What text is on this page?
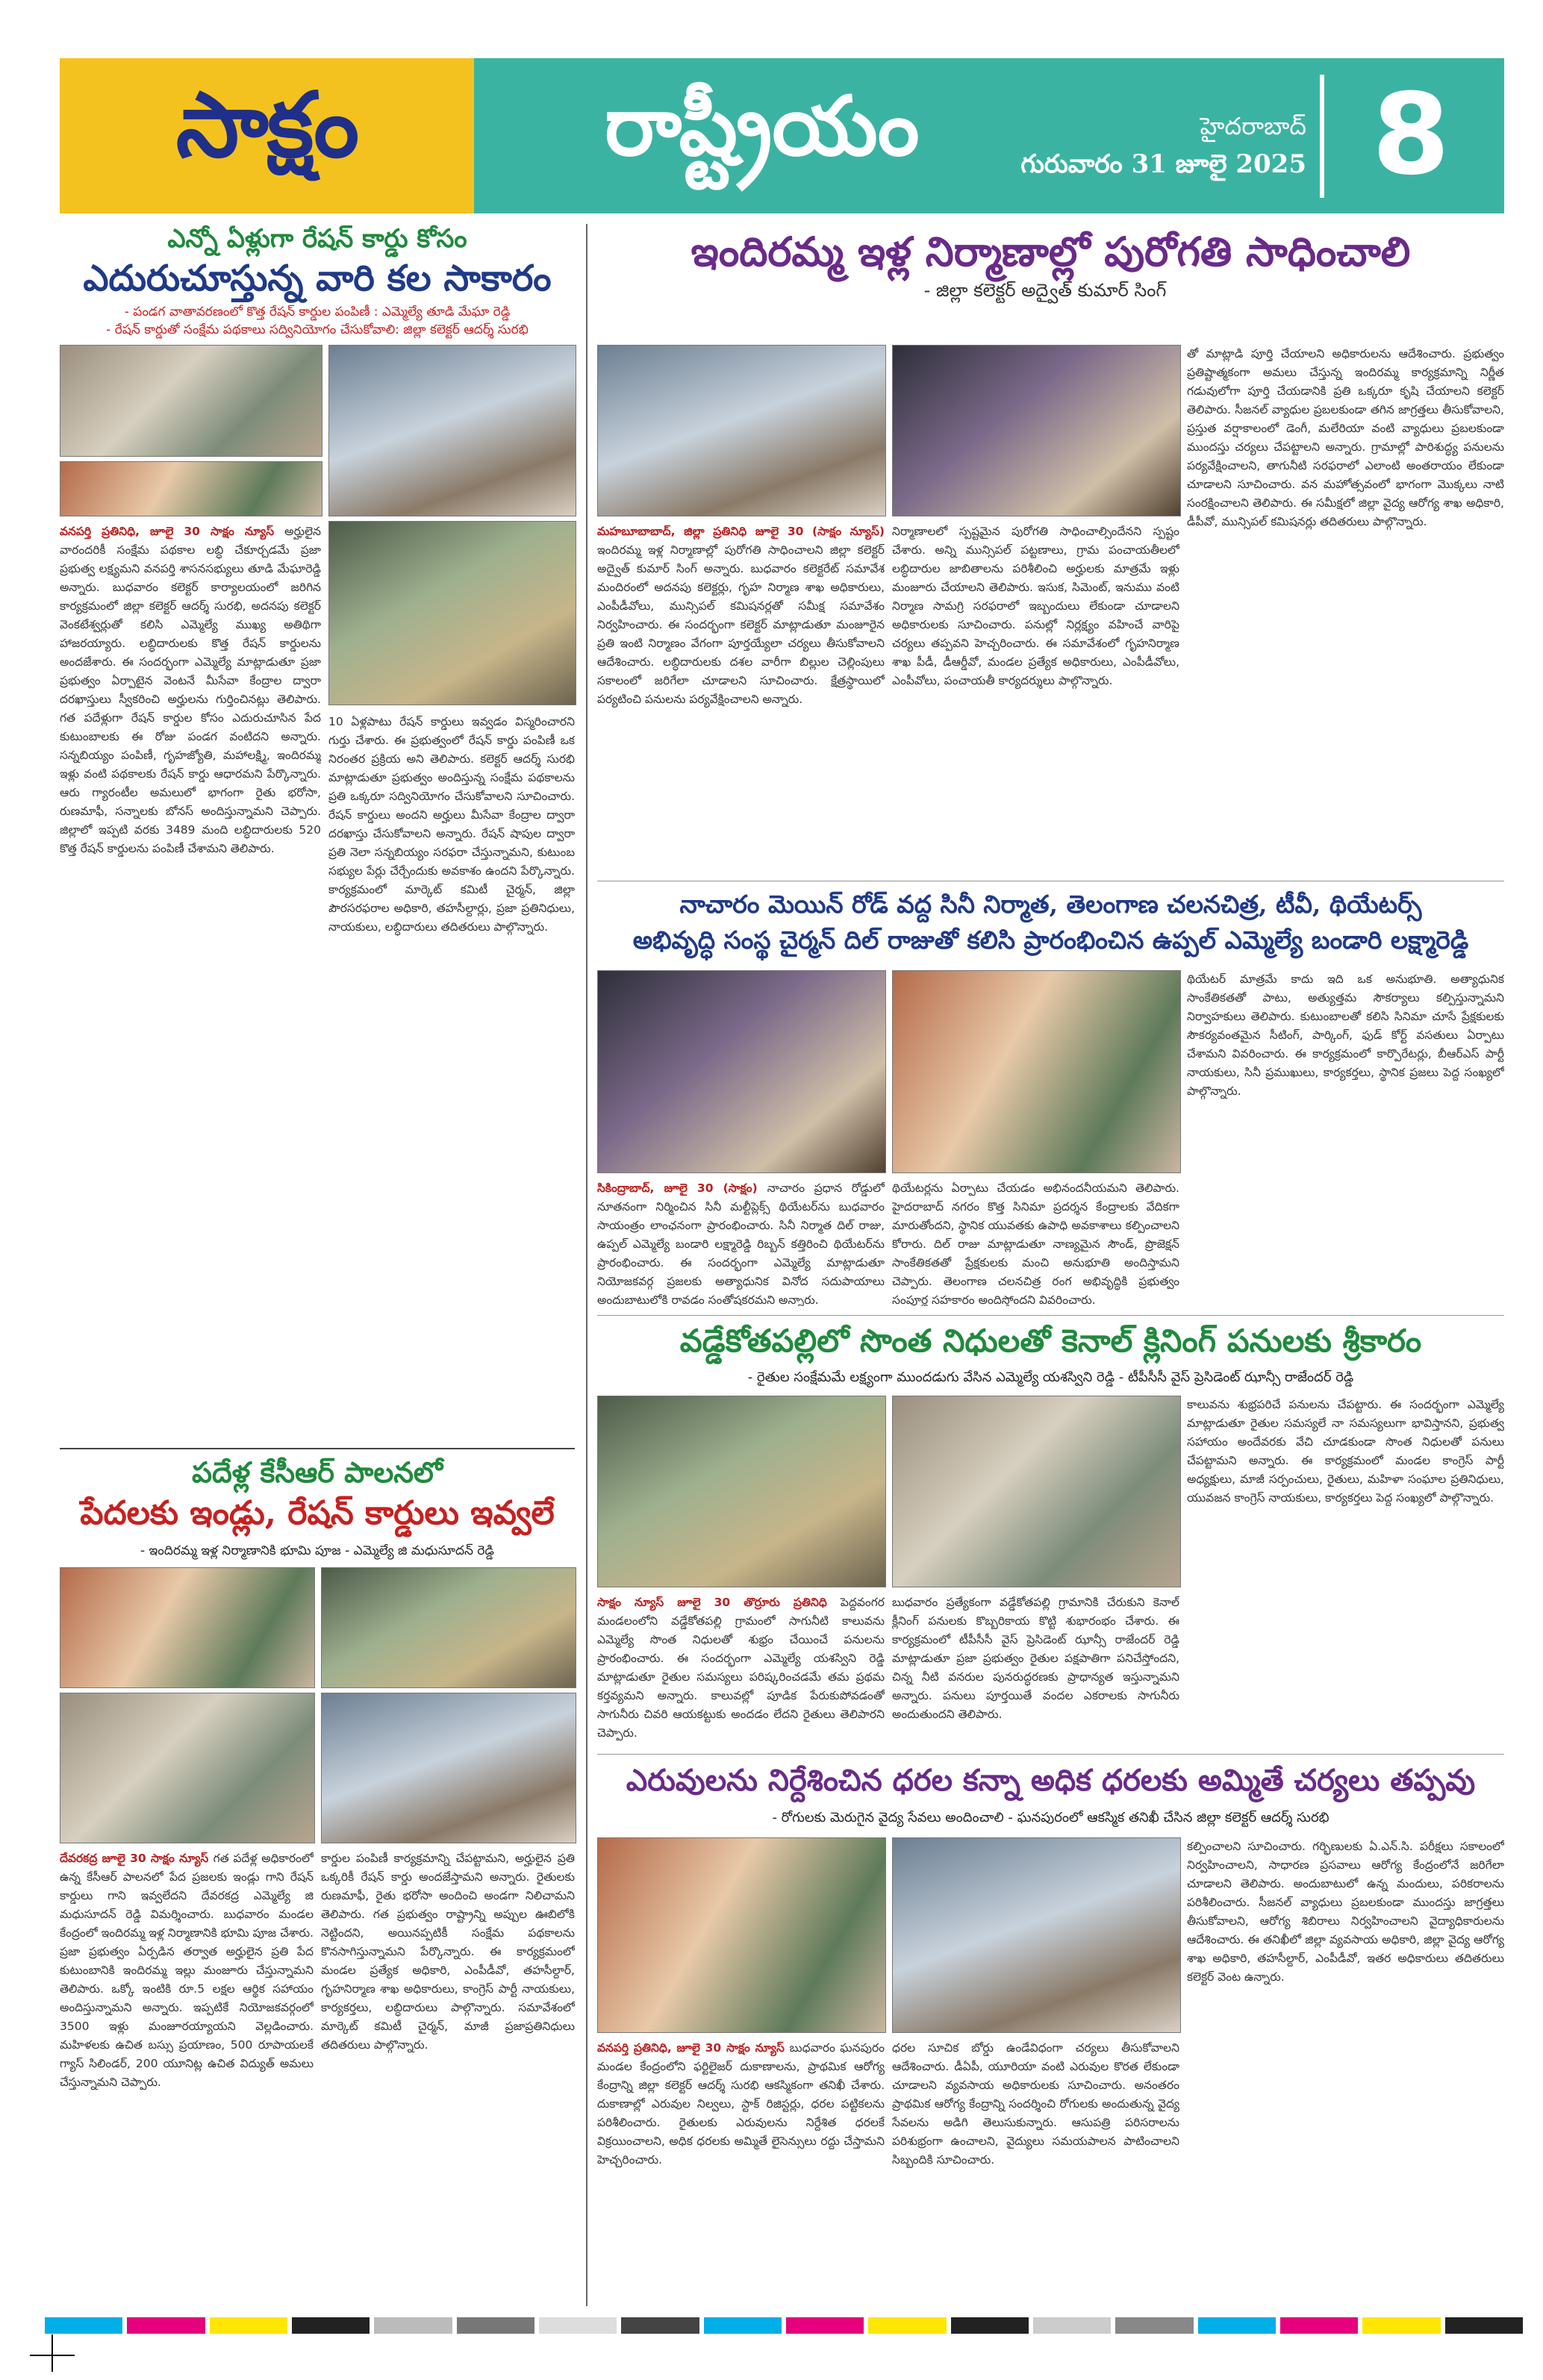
సాక్షం	రాష్ట్రీయం	హైదరాబాద్
గురువారం 31 జూలై 2025 8
ఎన్నో ఏళ్లుగా రేషన్ కార్డు కోసం
ఎదురుచూస్తున్న వారి కల సాకారం
- పండగ వాతావరణంలో కొత్త రేషన్ కార్డుల పంపిణీ : ఎమ్మెల్యే తూడి మేఘా రెడ్డి
- రేషన్ కార్డుతో సంక్షేమ పథకాలు సద్వినియోగం చేసుకోవాలి: జిల్లా కలెక్టర్ ఆదర్శ్ సురభి
వనపర్తి ప్రతినిధి, జూలై 30 సాక్షం న్యూస్ అర్హులైన వారందరికీ సంక్షేమ పథకాల లబ్ధి చేకూర్చడమే ప్రజా ప్రభుత్వ లక్ష్యమని వనపర్తి శాసనసభ్యులు తూడి మేఘారెడ్డి అన్నారు. బుధవారం కలెక్టర్ కార్యాలయంలో జరిగిన కార్యక్రమంలో జిల్లా కలెక్టర్ ఆదర్శ్ సురభి, అదనపు కలెక్టర్ వెంకటేశ్వర్లుతో కలిసి ఎమ్మెల్యే ముఖ్య అతిథిగా హాజరయ్యారు. లబ్ధిదారులకు కొత్త రేషన్ కార్డులను అందజేశారు. ఈ సందర్భంగా ఎమ్మెల్యే మాట్లాడుతూ ప్రజా ప్రభుత్వం ఏర్పాటైన వెంటనే మీసేవా కేంద్రాల ద్వారా దరఖాస్తులు స్వీకరించి అర్హులను గుర్తించినట్లు తెలిపారు. గత పదేళ్లుగా రేషన్ కార్డుల కోసం ఎదురుచూసిన పేద కుటుంబాలకు ఈ రోజు పండగ వంటిదని అన్నారు. సన్నబియ్యం పంపిణీ, గృహజ్యోతి, మహాలక్ష్మి, ఇందిరమ్మ ఇళ్లు వంటి పథకాలకు రేషన్ కార్డు ఆధారమని పేర్కొన్నారు. ఆరు గ్యారంటీల అమలులో భాగంగా రైతు భరోసా, రుణమాఫీ, సన్నాలకు బోనస్ అందిస్తున్నామని చెప్పారు. జిల్లాలో ఇప్పటి వరకు 3489 మంది లబ్ధిదారులకు 520 కొత్త రేషన్ కార్డులను పంపిణీ చేశామని తెలిపారు.
10 ఏళ్లపాటు రేషన్ కార్డులు ఇవ్వడం విస్మరించారని గుర్తు చేశారు. ఈ ప్రభుత్వంలో రేషన్ కార్డు పంపిణీ ఒక నిరంతర ప్రక్రియ అని తెలిపారు. కలెక్టర్ ఆదర్శ్ సురభి మాట్లాడుతూ ప్రభుత్వం అందిస్తున్న సంక్షేమ పథకాలను ప్రతి ఒక్కరూ సద్వినియోగం చేసుకోవాలని సూచించారు. రేషన్ కార్డులు అందని అర్హులు మీసేవా కేంద్రాల ద్వారా దరఖాస్తు చేసుకోవాలని అన్నారు. రేషన్ షాపుల ద్వారా ప్రతి నెలా సన్నబియ్యం సరఫరా చేస్తున్నామని, కుటుంబ సభ్యుల పేర్లు చేర్చేందుకు అవకాశం ఉందని పేర్కొన్నారు. కార్యక్రమంలో మార్కెట్ కమిటీ చైర్మన్, జిల్లా పౌరసరఫరాల అధికారి, తహసీల్దార్లు, ప్రజా ప్రతినిధులు, నాయకులు, లబ్ధిదారులు తదితరులు పాల్గొన్నారు.
పదేళ్ల కేసీఆర్ పాలనలో
పేదలకు ఇండ్లు, రేషన్ కార్డులు ఇవ్వలే
- ఇందిరమ్మ ఇళ్ల నిర్మాణానికి భూమి పూజ - ఎమ్మెల్యే జి మధుసూదన్ రెడ్డి
దేవరకద్ర జూలై 30 సాక్షం న్యూస్ గత పదేళ్ల అధికారంలో ఉన్న కేసీఆర్ పాలనలో పేద ప్రజలకు ఇండ్లు గాని రేషన్ కార్డులు గాని ఇవ్వలేదని దేవరకద్ర ఎమ్మెల్యే జి మధుసూదన్ రెడ్డి విమర్శించారు. బుధవారం మండల కేంద్రంలో ఇందిరమ్మ ఇళ్ల నిర్మాణానికి భూమి పూజ చేశారు. ప్రజా ప్రభుత్వం ఏర్పడిన తర్వాత అర్హులైన ప్రతి పేద కుటుంబానికి ఇందిరమ్మ ఇల్లు మంజూరు చేస్తున్నామని తెలిపారు. ఒక్కో ఇంటికి రూ.5 లక్షల ఆర్థిక సహాయం అందిస్తున్నామని అన్నారు. ఇప్పటికే నియోజకవర్గంలో 3500 ఇళ్లు మంజూరయ్యాయని వెల్లడించారు. మహిళలకు ఉచిత బస్సు ప్రయాణం, 500 రూపాయలకే గ్యాస్ సిలిండర్, 200 యూనిట్ల ఉచిత విద్యుత్ అమలు చేస్తున్నామని చెప్పారు.
కార్డుల పంపిణీ కార్యక్రమాన్ని చేపట్టామని, అర్హులైన ప్రతి ఒక్కరికీ రేషన్ కార్డు అందజేస్తామని అన్నారు. రైతులకు రుణమాఫీ, రైతు భరోసా అందించి అండగా నిలిచామని తెలిపారు. గత ప్రభుత్వం రాష్ట్రాన్ని అప్పుల ఊబిలోకి నెట్టిందని, అయినప్పటికీ సంక్షేమ పథకాలను కొనసాగిస్తున్నామని పేర్కొన్నారు. ఈ కార్యక్రమంలో మండల ప్రత్యేక అధికారి, ఎంపీడీవో, తహసీల్దార్, గృహనిర్మాణ శాఖ అధికారులు, కాంగ్రెస్ పార్టీ నాయకులు, కార్యకర్తలు, లబ్ధిదారులు పాల్గొన్నారు. సమావేశంలో మార్కెట్ కమిటీ చైర్మన్, మాజీ ప్రజాప్రతినిధులు తదితరులు పాల్గొన్నారు.
ఇందిరమ్మ ఇళ్ల నిర్మాణాల్లో పురోగతి సాధించాలి
- జిల్లా కలెక్టర్ అద్వైత్ కుమార్ సింగ్
మహబూబాబాద్, జిల్లా ప్రతినిధి జూలై 30 (సాక్షం న్యూస్) ఇందిరమ్మ ఇళ్ల నిర్మాణాల్లో పురోగతి సాధించాలని జిల్లా కలెక్టర్ అద్వైత్ కుమార్ సింగ్ అన్నారు. బుధవారం కలెక్టరేట్ సమావేశ మందిరంలో అదనపు కలెక్టర్లు, గృహ నిర్మాణ శాఖ అధికారులు, ఎంపీడీవోలు, మున్సిపల్ కమిషనర్లతో సమీక్ష సమావేశం నిర్వహించారు. ఈ సందర్భంగా కలెక్టర్ మాట్లాడుతూ మంజూరైన ప్రతి ఇంటి నిర్మాణం వేగంగా పూర్తయ్యేలా చర్యలు తీసుకోవాలని ఆదేశించారు. లబ్ధిదారులకు దశల వారీగా బిల్లుల చెల్లింపులు సకాలంలో జరిగేలా చూడాలని సూచించారు. క్షేత్రస్థాయిలో పర్యటించి పనులను పర్యవేక్షించాలని అన్నారు.
నిర్మాణాలలో స్పష్టమైన పురోగతి సాధించాల్సిందేనని స్పష్టం చేశారు. అన్ని మున్సిపల్ పట్టణాలు, గ్రామ పంచాయతీలలో లబ్ధిదారుల జాబితాలను పరిశీలించి అర్హులకు మాత్రమే ఇళ్లు మంజూరు చేయాలని తెలిపారు. ఇసుక, సిమెంట్, ఇనుము వంటి నిర్మాణ సామగ్రి సరఫరాలో ఇబ్బందులు లేకుండా చూడాలని అధికారులకు సూచించారు. పనుల్లో నిర్లక్ష్యం వహించే వారిపై చర్యలు తప్పవని హెచ్చరించారు. ఈ సమావేశంలో గృహనిర్మాణ శాఖ పీడీ, డీఆర్డీవో, మండల ప్రత్యేక అధికారులు, ఎంపీడీవోలు, ఎంపీవోలు, పంచాయతీ కార్యదర్శులు పాల్గొన్నారు.
తో మాట్లాడి పూర్తి చేయాలని అధికారులను ఆదేశించారు. ప్రభుత్వం ప్రతిష్టాత్మకంగా అమలు చేస్తున్న ఇందిరమ్మ కార్యక్రమాన్ని నిర్ణీత గడువులోగా పూర్తి చేయడానికి ప్రతి ఒక్కరూ కృషి చేయాలని కలెక్టర్ తెలిపారు. సీజనల్ వ్యాధుల ప్రబలకుండా తగిన జాగ్రత్తలు తీసుకోవాలని, ప్రస్తుత వర్షాకాలంలో డెంగీ, మలేరియా వంటి వ్యాధులు ప్రబలకుండా ముందస్తు చర్యలు చేపట్టాలని అన్నారు. గ్రామాల్లో పారిశుద్ధ్య పనులను పర్యవేక్షించాలని, తాగునీటి సరఫరాలో ఎలాంటి అంతరాయం లేకుండా చూడాలని సూచించారు. వన మహోత్సవంలో భాగంగా మొక్కలు నాటి సంరక్షించాలని తెలిపారు. ఈ సమీక్షలో జిల్లా వైద్య ఆరోగ్య శాఖ అధికారి, డీపీవో, మున్సిపల్ కమిషనర్లు తదితరులు పాల్గొన్నారు.
నాచారం మెయిన్ రోడ్ వద్ద సినీ నిర్మాత, తెలంగాణ చలనచిత్ర, టీవీ, థియేటర్స్
అభివృద్ధి సంస్థ చైర్మన్ దిల్ రాజుతో కలిసి ప్రారంభించిన ఉప్పల్ ఎమ్మెల్యే బండారి లక్ష్మారెడ్డి
సికింద్రాబాద్, జూలై 30 (సాక్షం) నాచారం ప్రధాన రోడ్డులో నూతనంగా నిర్మించిన సినీ మల్టీప్లెక్స్ థియేటర్‌ను బుధవారం సాయంత్రం లాంఛనంగా ప్రారంభించారు. సినీ నిర్మాత దిల్ రాజు, ఉప్పల్ ఎమ్మెల్యే బండారి లక్ష్మారెడ్డి రిబ్బన్ కత్తిరించి థియేటర్‌ను ప్రారంభించారు. ఈ సందర్భంగా ఎమ్మెల్యే మాట్లాడుతూ నియోజకవర్గ ప్రజలకు అత్యాధునిక వినోద సదుపాయాలు అందుబాటులోకి రావడం సంతోషకరమని అన్నారు.
థియేటర్లను ఏర్పాటు చేయడం అభినందనీయమని తెలిపారు. హైదరాబాద్ నగరం కొత్త సినిమా ప్రదర్శన కేంద్రాలకు వేదికగా మారుతోందని, స్థానిక యువతకు ఉపాధి అవకాశాలు కల్పించాలని కోరారు. దిల్ రాజు మాట్లాడుతూ నాణ్యమైన సౌండ్, ప్రొజెక్షన్ సాంకేతికతతో ప్రేక్షకులకు మంచి అనుభూతి అందిస్తామని చెప్పారు. తెలంగాణ చలనచిత్ర రంగ అభివృద్ధికి ప్రభుత్వం సంపూర్ణ సహకారం అందిస్తోందని వివరించారు.
థియేటర్ మాత్రమే కాదు ఇది ఒక అనుభూతి. అత్యాధునిక సాంకేతికతతో పాటు, అత్యుత్తమ సౌకర్యాలు కల్పిస్తున్నామని నిర్వాహకులు తెలిపారు. కుటుంబాలతో కలిసి సినిమా చూసే ప్రేక్షకులకు సౌకర్యవంతమైన సీటింగ్, పార్కింగ్, ఫుడ్ కోర్ట్ వసతులు ఏర్పాటు చేశామని వివరించారు. ఈ కార్యక్రమంలో కార్పొరేటర్లు, బీఆర్ఎస్ పార్టీ నాయకులు, సినీ ప్రముఖులు, కార్యకర్తలు, స్థానిక ప్రజలు పెద్ద సంఖ్యలో పాల్గొన్నారు.
వడ్డేకోతపల్లిలో సొంత నిధులతో కెనాల్ క్లినింగ్ పనులకు శ్రీకారం
- రైతుల సంక్షేమమే లక్ష్యంగా ముందడుగు వేసిన ఎమ్మెల్యే యశస్విని రెడ్డి - టీపీసీసీ వైస్ ప్రెసిడెంట్ ఝాన్సీ రాజేందర్ రెడ్డి
సాక్షం న్యూస్ జూలై 30 తొర్రూరు ప్రతినిధి పెద్దవంగర మండలంలోని వడ్డేకోతపల్లి గ్రామంలో సాగునీటి కాలువను ఎమ్మెల్యే సొంత నిధులతో శుభ్రం చేయించే పనులను ప్రారంభించారు. ఈ సందర్భంగా ఎమ్మెల్యే యశస్విని రెడ్డి మాట్లాడుతూ రైతుల సమస్యలు పరిష్కరించడమే తమ ప్రథమ కర్తవ్యమని అన్నారు. కాలువల్లో పూడిక పేరుకుపోవడంతో సాగునీరు చివరి ఆయకట్టుకు అందడం లేదని రైతులు తెలిపారని చెప్పారు.
బుధవారం ప్రత్యేకంగా వడ్డేకోతపల్లి గ్రామానికి చేరుకుని కెనాల్ క్లీనింగ్ పనులకు కొబ్బరికాయ కొట్టి శుభారంభం చేశారు. ఈ కార్యక్రమంలో టీపీసీసీ వైస్ ప్రెసిడెంట్ ఝాన్సీ రాజేందర్ రెడ్డి మాట్లాడుతూ ప్రజా ప్రభుత్వం రైతుల పక్షపాతిగా పనిచేస్తోందని, చిన్న నీటి వనరుల పునరుద్ధరణకు ప్రాధాన్యత ఇస్తున్నామని అన్నారు. పనులు పూర్తయితే వందల ఎకరాలకు సాగునీరు అందుతుందని తెలిపారు.
కాలువను శుభ్రపరిచే పనులను చేపట్టారు. ఈ సందర్భంగా ఎమ్మెల్యే మాట్లాడుతూ రైతుల సమస్యలే నా సమస్యలుగా భావిస్తానని, ప్రభుత్వ సహాయం అందేవరకు వేచి చూడకుండా సొంత నిధులతో పనులు చేపట్టామని అన్నారు. ఈ కార్యక్రమంలో మండల కాంగ్రెస్ పార్టీ అధ్యక్షులు, మాజీ సర్పంచులు, రైతులు, మహిళా సంఘాల ప్రతినిధులు, యువజన కాంగ్రెస్ నాయకులు, కార్యకర్తలు పెద్ద సంఖ్యలో పాల్గొన్నారు.
ఎరువులను నిర్దేశించిన ధరల కన్నా అధిక ధరలకు అమ్మితే చర్యలు తప్పవు
- రోగులకు మెరుగైన వైద్య సేవలు అందించాలి - ఘనపురంలో ఆకస్మిక తనిఖీ చేసిన జిల్లా కలెక్టర్ ఆదర్శ్ సురభి
వనపర్తి ప్రతినిధి, జూలై 30 సాక్షం న్యూస్ బుధవారం ఘనపురం మండల కేంద్రంలోని ఫర్టిలైజర్ దుకాణాలను, ప్రాథమిక ఆరోగ్య కేంద్రాన్ని జిల్లా కలెక్టర్ ఆదర్శ్ సురభి ఆకస్మికంగా తనిఖీ చేశారు. దుకాణాల్లో ఎరువుల నిల్వలు, స్టాక్ రిజిస్టర్లు, ధరల పట్టికలను పరిశీలించారు. రైతులకు ఎరువులను నిర్దేశిత ధరలకే విక్రయించాలని, అధిక ధరలకు అమ్మితే లైసెన్సులు రద్దు చేస్తామని హెచ్చరించారు.
ధరల సూచిక బోర్డు ఉండేవిధంగా చర్యలు తీసుకోవాలని ఆదేశించారు. డీఏపీ, యూరియా వంటి ఎరువుల కొరత లేకుండా చూడాలని వ్యవసాయ అధికారులకు సూచించారు. అనంతరం ప్రాథమిక ఆరోగ్య కేంద్రాన్ని సందర్శించి రోగులకు అందుతున్న వైద్య సేవలను అడిగి తెలుసుకున్నారు. ఆసుపత్రి పరిసరాలను పరిశుభ్రంగా ఉంచాలని, వైద్యులు సమయపాలన పాటించాలని సిబ్బందికి సూచించారు.
కల్పించాలని సూచించారు. గర్భిణులకు ఏ.ఎన్.సి. పరీక్షలు సకాలంలో నిర్వహించాలని, సాధారణ ప్రసవాలు ఆరోగ్య కేంద్రంలోనే జరిగేలా చూడాలని తెలిపారు. అందుబాటులో ఉన్న మందులు, పరికరాలను పరిశీలించారు. సీజనల్ వ్యాధులు ప్రబలకుండా ముందస్తు జాగ్రత్తలు తీసుకోవాలని, ఆరోగ్య శిబిరాలు నిర్వహించాలని వైద్యాధికారులను ఆదేశించారు. ఈ తనిఖీలో జిల్లా వ్యవసాయ అధికారి, జిల్లా వైద్య ఆరోగ్య శాఖ అధికారి, తహసీల్దార్, ఎంపీడీవో, ఇతర అధికారులు తదితరులు కలెక్టర్ వెంట ఉన్నారు.
